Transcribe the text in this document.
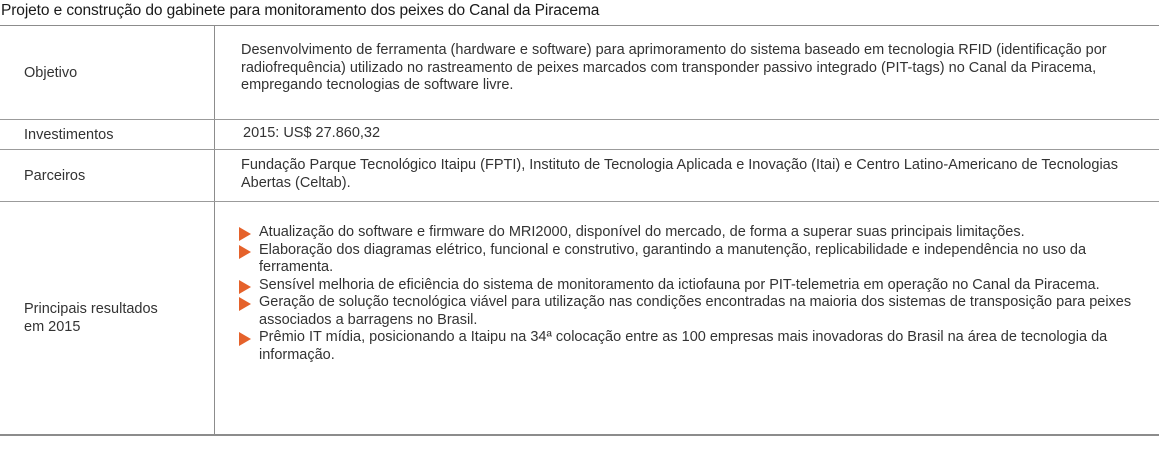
Projeto e construção do gabinete para monitoramento dos peixes do Canal da Piracema
Objetivo
Desenvolvimento de ferramenta (hardware e software) para aprimoramento do sistema baseado em tecnologia RFID (identificação por radiofrequência) utilizado no rastreamento de peixes marcados com transponder passivo integrado (PIT-tags) no Canal da Piracema, empregando tecnologias de software livre.
Investimentos	2015: US$ 27.860,32
Parceiros
Fundação Parque Tecnológico Itaipu (FPTI), Instituto de Tecnologia Aplicada e Inovação (Itai) e Centro Latino-Americano de Tecnologias Abertas (Celtab).
Principais resultados
em 2015
Atualização do software e firmware do MRI2000, disponível do mercado, de forma a superar suas principais limitações.
Elaboração dos diagramas elétrico, funcional e construtivo, garantindo a manutenção, replicabilidade e independência no uso da ferramenta.
Sensível melhoria de eficiência do sistema de monitoramento da ictiofauna por PIT-telemetria em operação no Canal da Piracema.
Geração de solução tecnológica viável para utilização nas condições encontradas na maioria dos sistemas de transposição para peixes associados a barragens no Brasil.
Prêmio IT mídia, posicionando a Itaipu na 34ª colocação entre as 100 empresas mais inovadoras do Brasil na área de tecnologia da informação.
